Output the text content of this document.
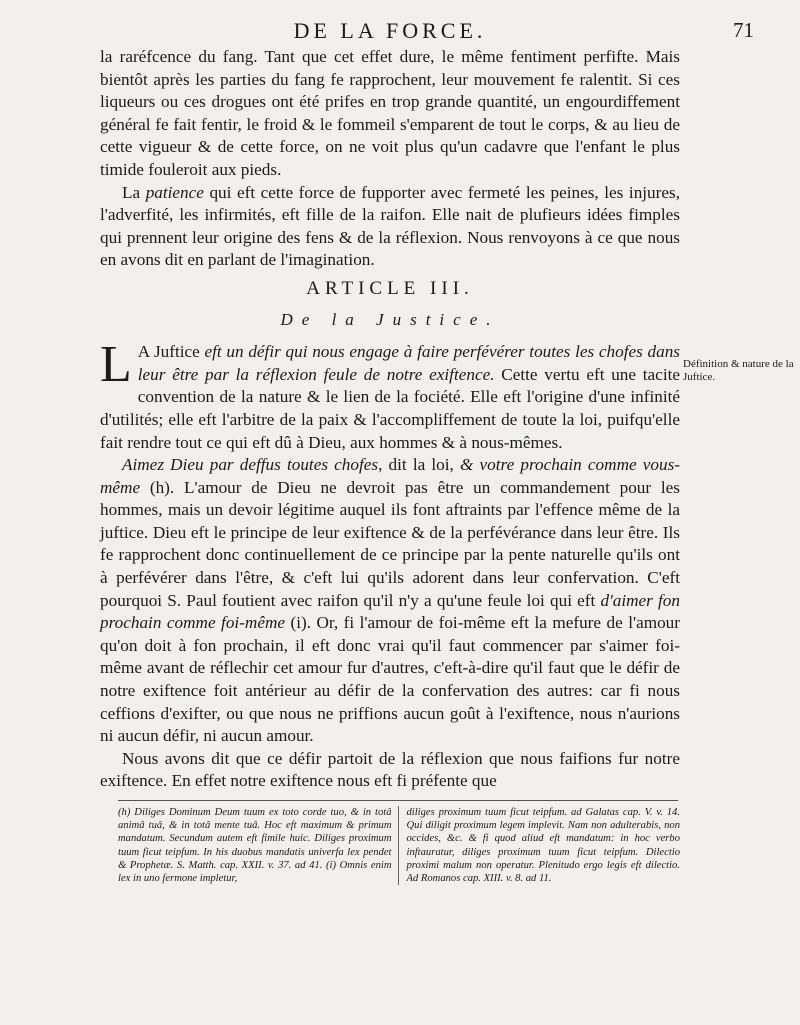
DE LA FORCE.	71

la raréfcence du fang. Tant que cet effet dure, le même fentiment perfifte. Mais bientôt après les parties du fang fe rapprochent, leur mouvement fe ralentit. Si ces liqueurs ou ces drogues ont été prifes en trop grande quantité, un engourdiffement général fe fait fentir, le froid & le fommeil s'emparent de tout le corps, & au lieu de cette vigueur & de cette force, on ne voit plus qu'un cadavre que l'enfant le plus timide fouleroit aux pieds.

La patience qui eft cette force de fupporter avec fermeté les peines, les injures, l'adverfité, les infirmités, eft fille de la raifon. Elle nait de plufieurs idées fimples qui prennent leur origine des fens & de la réflexion. Nous renvoyons à ce que nous en avons dit en parlant de l'imagination.

ARTICLE III.
De la Justice.

L A Juftice eft un défir qui nous engage à faire perfévérer toutes les chofes dans leur être par la réflexion feule de notre exiftence. Cette vertu eft une tacite convention de la nature & le lien de la fociété. Elle eft l'origine d'une infinité d'utilités; elle eft l'arbitre de la paix & l'accompliffement de toute la loi, puifqu'elle fait rendre tout ce qui eft dû à Dieu, aux hommes & à nous-mêmes.

Aimez Dieu par deffus toutes chofes, dit la loi, & votre prochain comme vous-même (h). L'amour de Dieu ne devroit pas être un commandement pour les hommes, mais un devoir légitime auquel ils font aftraints par l'effence même de la juftice. Dieu eft le principe de leur exiftence & de la perfévérance dans leur être. Ils fe rapprochent donc continuellement de ce principe par la pente naturelle qu'ils ont à perfévérer dans l'être, & c'eft lui qu'ils adorent dans leur confervation. C'eft pourquoi S. Paul foutient avec raifon qu'il n'y a qu'une feule loi qui eft d'aimer fon prochain comme foi-même (i). Or, fi l'amour de foi-même eft la mefure de l'amour qu'on doit à fon prochain, il eft donc vrai qu'il faut commencer par s'aimer foi-même avant de réflechir cet amour fur d'autres, c'eft-à-dire qu'il faut que le défir de notre exiftence foit antérieur au défir de la confervation des autres: car fi nous ceffions d'exifter, ou que nous ne priffions aucun goût à l'exiftence, nous n'aurions ni aucun défir, ni aucun amour.

Nous avons dit que ce défir partoit de la réflexion que nous faifions fur notre exiftence. En effet notre exiftence nous eft fi préfente que

Définition & nature de la Juftice.

(h) Diliges Dominum Deum tuum ex toto corde tuo, & in totâ animâ tuâ, & in totâ mente tuâ. Hoc eft maximum & primum mandatum. Secundum autem eft fimile huic. Diliges proximum tuum ficut teipfum. In his duobus mandatis univerfa lex pendet & Prophetæ. S. Matth. cap. XXII. v. 37. ad 41. (i) Omnis enim lex in uno fermone impletur,

diliges proximum tuum ficut teipfum. ad Galatas cap. V. v. 14. Qui diligit proximum legem implevit. Nam non adulterabis, non occides, &c. & fi quod aliud eft mandatum: in hoc verbo inftauratur, diliges proximum tuum ficut teipfum. Dilectio proximi malum non operatur. Plenitudo ergo legis eft dilectio. Ad Romanos cap. XIII. v. 8. ad 11.
